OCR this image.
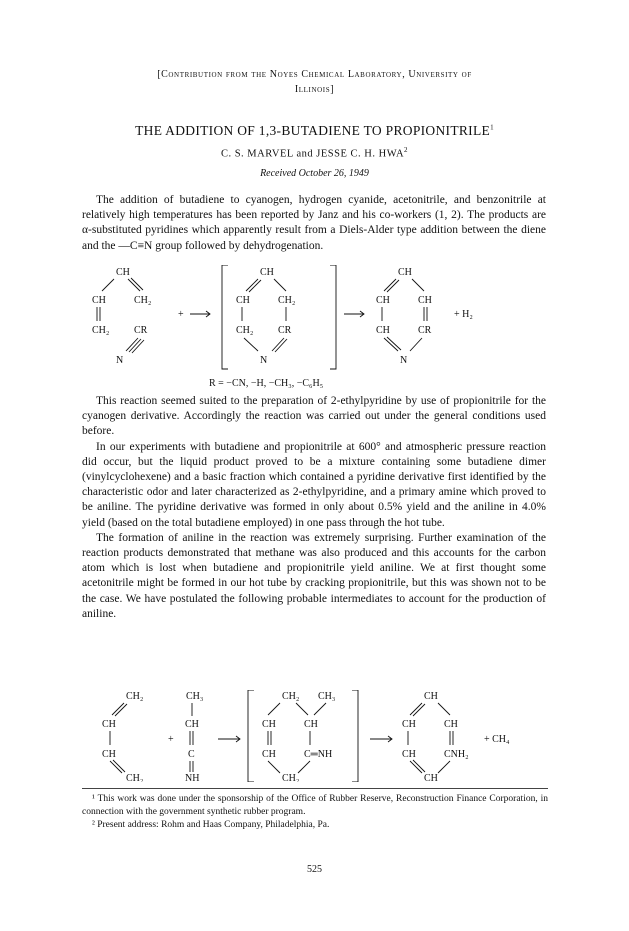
[Contribution from the Noyes Chemical Laboratory, University of
Illinois]
THE ADDITION OF 1,3-BUTADIENE TO PROPIONITRILE$^1$
C. S. MARVEL and JESSE C. H. HWA$^2$
Received October 26, 1949

The addition of butadiene to cyanogen, hydrogen cyanide, acetonitrile, and benzonitrile at relatively high temperatures has been reported by Janz and his co-workers (1, 2). The products are α-substituted pyridines which apparently result from a Diels-Alder type addition between the diene and the —C≡N group followed by dehydrogenation.

CH
CH	CH₂
CH₂ CR
N
+
CH
CH	CH₂
CH₂ CR
N
CH
CH	CH
CH	CR
N
+ H₂
R = −CN, −H, −CH₃, −C₆H₅

This reaction seemed suited to the preparation of 2-ethylpyridine by use of propionitrile for the cyanogen derivative. Accordingly the reaction was carried out under the general conditions used before.

In our experiments with butadiene and propionitrile at 600° and atmospheric pressure reaction did occur, but the liquid product proved to be a mixture containing some butadiene dimer (vinylcyclohexene) and a basic fraction which contained a pyridine derivative first identified by the characteristic odor and later characterized as 2-ethylpyridine, and a primary amine which proved to be aniline. The pyridine derivative was formed in only about 0.5% yield and the aniline in 4.0% yield (based on the total butadiene employed) in one pass through the hot tube.

The formation of aniline in the reaction was extremely surprising. Further examination of the reaction products demonstrated that methane was also produced and this accounts for the carbon atom which is lost when butadiene and propionitrile yield aniline. We at first thought some acetonitrile might be formed in our hot tube by cracking propionitrile, but this was shown not to be the case. We have postulated the following probable intermediates to account for the production of aniline.

CH₂
CH
CH
CH₂
+
CH₃
CH
C
NH
CH₂ CH₃
CH	CH
CH	C═NH
CH₂
CH
CH	CH
CH	CNH₂
CH
+ CH₄

¹ This work was done under the sponsorship of the Office of Rubber Reserve, Reconstruction Finance Corporation, in connection with the government synthetic rubber program.

² Present address: Rohm and Haas Company, Philadelphia, Pa.

525
